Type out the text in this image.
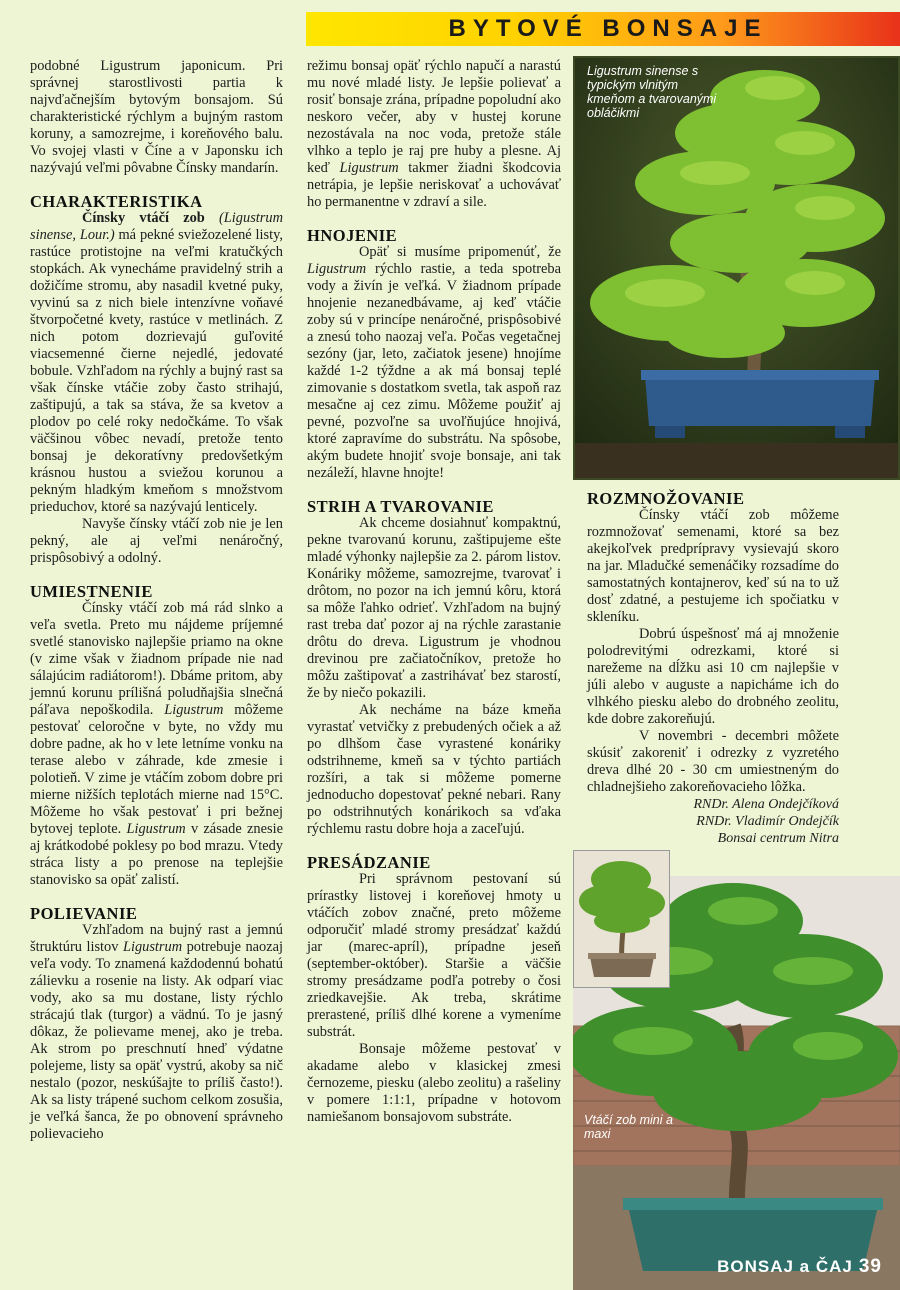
BYTOVÉ BONSAJE

podobné Ligustrum japonicum. Pri správnej starostlivosti partia k najvďačnejším bytovým bonsajom. Sú charakteristické rýchlym a bujným rastom koruny, a samozrejme, i koreňového balu. Vo svojej vlasti v Číne a v Japonsku ich nazývajú veľmi pôvabne Čínsky mandarín.

CHARAKTERISTIKA

Čínsky vtáčí zob (Ligustrum sinense, Lour.) má pekné sviežozelené listy, rastúce protistojne na veľmi kratučkých stopkách. Ak vynecháme pravidelný strih a dožičíme stromu, aby nasadil kvetné puky, vyvinú sa z nich biele intenzívne voňavé štvorpočetné kvety, rastúce v metlinách. Z nich potom dozrievajú guľovité viacsemenné čierne nejedlé, jedovaté bobule. Vzhľadom na rýchly a bujný rast sa však čínske vtáčie zoby často strihajú, zaštipujú, a tak sa stáva, že sa kvetov a plodov po celé roky nedočkáme. To však väčšinou vôbec nevadí, pretože tento bonsaj je dekoratívny predovšetkým krásnou hustou a sviežou korunou a pekným hladkým kmeňom s množstvom prieduchov, ktoré sa nazývajú lenticely.

Navyše čínsky vtáčí zob nie je len pekný, ale aj veľmi nenáročný, prispôsobivý a odolný.

UMIESTNENIE

Čínsky vtáčí zob má rád slnko a veľa svetla. Preto mu nájdeme príjemné svetlé stanovisko najlepšie priamo na okne (v zime však v žiadnom prípade nie nad sálajúcim radiátorom!). Dbáme pritom, aby jemnú korunu prílišná poludňajšia slnečná páľava nepoškodila. Ligustrum môžeme pestovať celoročne v byte, no vždy mu dobre padne, ak ho v lete letníme vonku na terase alebo v záhrade, kde zmesie i polotieň. V zime je vtáčím zobom dobre pri mierne nižších teplotách mierne nad 15°C. Môžeme ho však pestovať i pri bežnej bytovej teplote. Ligustrum v zásade znesie aj krátkodobé poklesy po bod mrazu. Vtedy stráca listy a po prenose na teplejšie stanovisko sa opäť zalistí.

POLIEVANIE

Vzhľadom na bujný rast a jemnú štruktúru listov Ligustrum potrebuje naozaj veľa vody. To znamená každodennú bohatú zálievku a rosenie na listy. Ak odparí viac vody, ako sa mu dostane, listy rýchlo strácajú tlak (turgor) a vädnú. To je jasný dôkaz, že polievame menej, ako je treba. Ak strom po preschnutí hneď výdatne polejeme, listy sa opäť vystrú, akoby sa nič nestalo (pozor, neskúšajte to príliš často!). Ak sa listy trápené suchom celkom zosušia, je veľká šanca, že po obnovení správneho polievacieho

režimu bonsaj opäť rýchlo napučí a narastú mu nové mladé listy. Je lepšie polievať a rosiť bonsaje zrána, prípadne popoludní ako neskoro večer, aby v hustej korune nezostávala na noc voda, pretože stále vlhko a teplo je raj pre huby a plesne. Aj keď Ligustrum takmer žiadni škodcovia netrápia, je lepšie neriskovať a uchovávať ho permanentne v zdraví a sile.

HNOJENIE

Opäť si musíme pripomenúť, že Ligustrum rýchlo rastie, a teda spotreba vody a živín je veľká. V žiadnom prípade hnojenie nezanedbávame, aj keď vtáčie zoby sú v princípe nenáročné, prispôsobivé a znesú toho naozaj veľa. Počas vegetačnej sezóny (jar, leto, začiatok jesene) hnojíme každé 1-2 týždne a ak má bonsaj teplé zimovanie s dostatkom svetla, tak aspoň raz mesačne aj cez zimu. Môžeme použiť aj pevné, pozvoľne sa uvoľňujúce hnojivá, ktoré zapravíme do substrátu. Na spôsobe, akým budete hnojiť svoje bonsaje, ani tak nezáleží, hlavne hnojte!

STRIH A TVAROVANIE

Ak chceme dosiahnuť kompaktnú, pekne tvarovanú korunu, zaštipujeme ešte mladé výhonky najlepšie za 2. párom listov. Konáriky môžeme, samozrejme, tvarovať i drôtom, no pozor na ich jemnú kôru, ktorá sa môže ľahko odrieť. Vzhľadom na bujný rast treba dať pozor aj na rýchle zarastanie drôtu do dreva. Ligustrum je vhodnou drevinou pre začiatočníkov, pretože ho môžu zaštipovať a zastrihávať bez starostí, že by niečo pokazili.

Ak necháme na báze kmeňa vyrastať vetvičky z prebudených očiek a až po dlhšom čase vyrastené konáriky odstrihneme, kmeň sa v týchto partiách rozšíri, a tak si môžeme pomerne jednoducho dopestovať pekné nebari. Rany po odstrihnutých konárikoch sa vďaka rýchlemu rastu dobre hoja a zaceľujú.

PRESÁDZANIE

Pri správnom pestovaní sú prírastky listovej i koreňovej hmoty u vtáčích zobov značné, preto môžeme odporučiť mladé stromy presádzať každú jar (marec-apríl), prípadne jeseň (september-október). Staršie a väčšie stromy presádzame podľa potreby o čosi zriedkavejšie. Ak treba, skrátime prerastené, príliš dlhé korene a vymeníme substrát.

Bonsaje môžeme pestovať v akadame alebo v klasickej zmesi černozeme, piesku (alebo zeolitu) a rašeliny v pomere 1:1:1, prípadne v hotovom namiešanom bonsajovom substráte.

ROZMNOŽOVANIE

Čínsky vtáčí zob môžeme rozmnožovať semenami, ktoré sa bez akejkoľvek predprípravy vysievajú skoro na jar. Mladučké semenáčiky rozsadíme do samostatných kontajnerov, keď sú na to už dosť zdatné, a pestujeme ich spočiatku v skleníku.

Dobrú úspešnosť má aj množenie polodrevitými odrezkami, ktoré si narežeme na dĺžku asi 10 cm najlepšie v júli alebo v auguste a napicháme ich do vlhkého piesku alebo do drobného zeolitu, kde dobre zakoreňujú.

V novembri - decembri môžete skúsiť zakoreniť i odrezky z vyzretého dreva dlhé 20 - 30 cm umiestneným do chladnejšieho zakoreňovacieho lôžka.

RNDr. Alena Ondejčíková
RNDr. Vladimír Ondejčík
Bonsai centrum Nitra
Ligustrum sinense s typickým vlnitým kmeňom a tvarovanými obláčikmi
Vtáčí zob mini a maxi
BONSAJ a ČAJ 39
